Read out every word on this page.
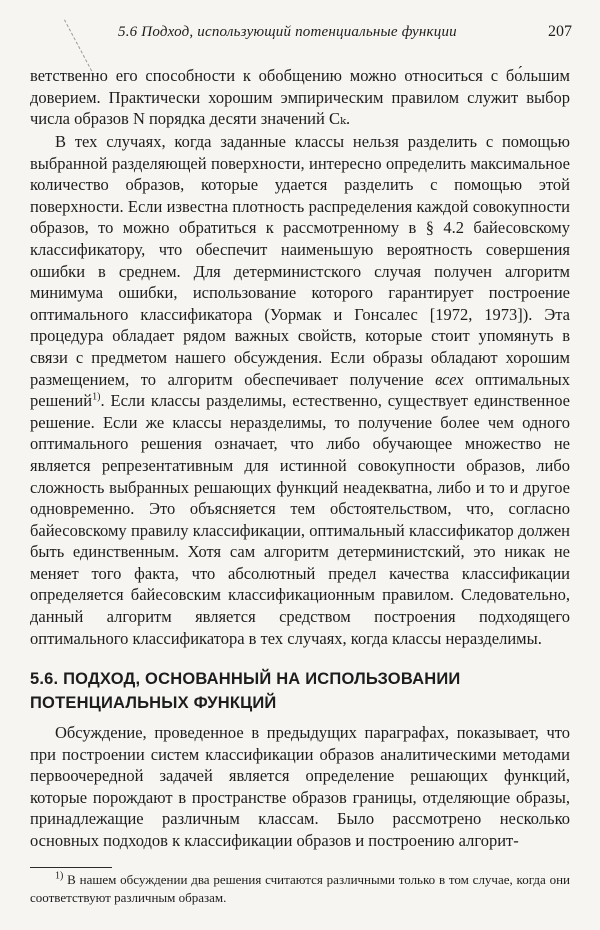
5.6 Подход, использующий потенциальные функции	207

ветственно его способности к обобщению можно относиться с бо́льшим доверием. Практически хорошим эмпирическим правилом служит выбор числа образов N порядка десяти значений Cₖ.

В тех случаях, когда заданные классы нельзя разделить с помощью выбранной разделяющей поверхности, интересно определить максимальное количество образов, которые удается разделить с помощью этой поверхности. Если известна плотность распределения каждой совокупности образов, то можно обратиться к рассмотренному в § 4.2 байесовскому классификатору, что обеспечит наименьшую вероятность совершения ошибки в среднем. Для детерминистского случая получен алгоритм минимума ошибки, использование которого гарантирует построение оптимального классификатора (Уормак и Гонсалес [1972, 1973]). Эта процедура обладает рядом важных свойств, которые стоит упомянуть в связи с предметом нашего обсуждения. Если образы обладают хорошим размещением, то алгоритм обеспечивает получение всех оптимальных решений$^{1)}$. Если классы разделимы, естественно, существует единственное решение. Если же классы неразделимы, то получение более чем одного оптимального решения означает, что либо обучающее множество не является репрезентативным для истинной совокупности образов, либо сложность выбранных решающих функций неадекватна, либо и то и другое одновременно. Это объясняется тем обстоятельством, что, согласно байесовскому правилу классификации, оптимальный классификатор должен быть единственным. Хотя сам алгоритм детерминистский, это никак не меняет того факта, что абсолютный предел качества классификации определяется байесовским классификационным правилом. Следовательно, данный алгоритм является средством построения подходящего оптимального классификатора в тех случаях, когда классы неразделимы.

5.6. ПОДХОД, ОСНОВАННЫЙ НА ИСПОЛЬЗОВАНИИ
ПОТЕНЦИАЛЬНЫХ ФУНКЦИЙ

Обсуждение, проведенное в предыдущих параграфах, показывает, что при построении систем классификации образов аналитическими методами первоочередной задачей является определение решающих функций, которые порождают в пространстве образов границы, отделяющие образы, принадлежащие различным классам. Было рассмотрено несколько основных подходов к классификации образов и построению алгорит-

$^{1)}$ В нашем обсуждении два решения считаются различными только в том случае, когда они соответствуют различным образам.
